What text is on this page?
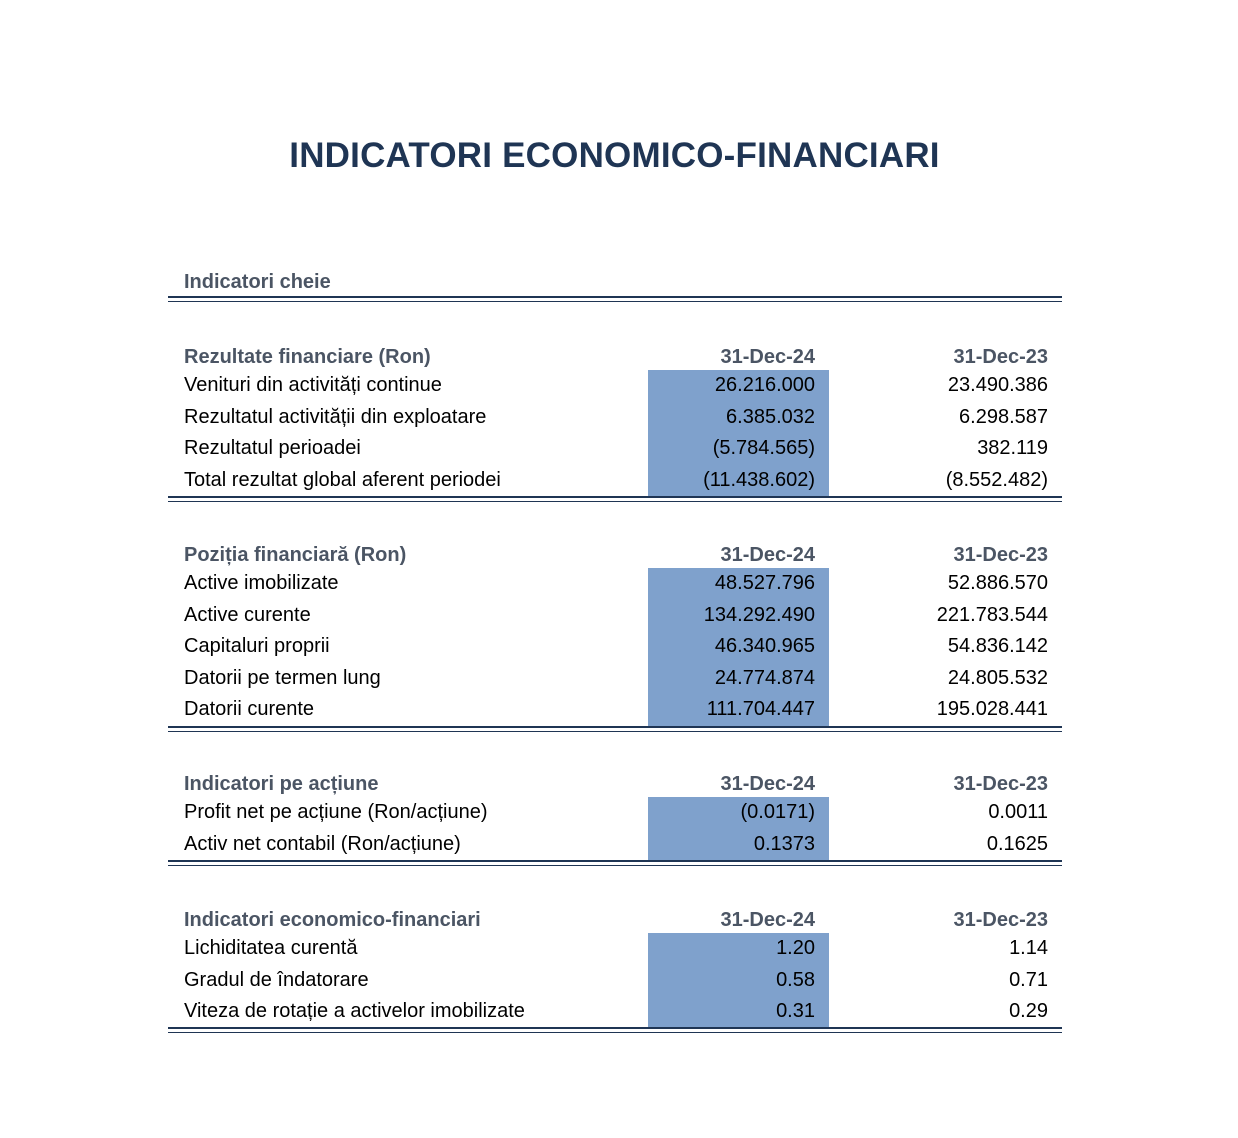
INDICATORI ECONOMICO-FINANCIARI
Indicatori cheie
Rezultate financiare (Ron)	31-Dec-24	31-Dec-23
Venituri din activități continue	26.216.000	23.490.386
Rezultatul activității din exploatare	6.385.032	6.298.587
Rezultatul perioadei	(5.784.565)	382.119
Total rezultat global aferent periodei	(11.438.602)	(8.552.482)
Poziția financiară (Ron)	31-Dec-24	31-Dec-23
Active imobilizate	48.527.796	52.886.570
Active curente	134.292.490	221.783.544
Capitaluri proprii	46.340.965	54.836.142
Datorii pe termen lung	24.774.874	24.805.532
Datorii curente	111.704.447	195.028.441
Indicatori pe acțiune	31-Dec-24	31-Dec-23
Profit net pe acțiune (Ron/acțiune)	(0.0171)	0.0011
Activ net contabil (Ron/acțiune)	0.1373	0.1625
Indicatori economico-financiari	31-Dec-24	31-Dec-23
Lichiditatea curentă	1.20	1.14
Gradul de îndatorare	0.58	0.71
Viteza de rotație a activelor imobilizate	0.31	0.29
